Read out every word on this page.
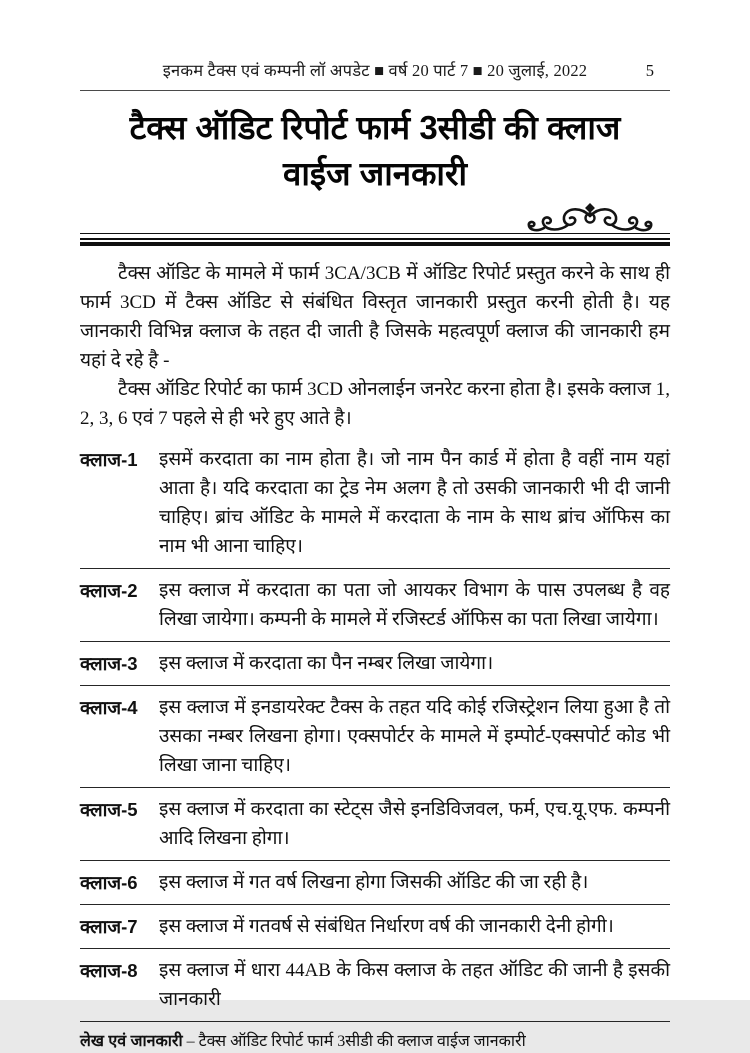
इनकम टैक्स एवं कम्पनी लॉ अपडेट ■ वर्ष 20 पार्ट 7 ■ 20 जुलाई, 2022	5
टैक्स ऑडिट रिपोर्ट फार्म 3सीडी की क्लाज
वाईज जानकारी

टैक्स ऑडिट के मामले में फार्म 3CA/3CB में ऑडिट रिपोर्ट प्रस्तुत करने के साथ ही फार्म 3CD में टैक्स ऑडिट से संबंधित विस्तृत जानकारी प्रस्तुत करनी होती है। यह जानकारी विभिन्न क्लाज के तहत दी जाती है जिसके महत्वपूर्ण क्लाज की जानकारी हम यहां दे रहे है -

टैक्स ऑडिट रिपोर्ट का फार्म 3CD ओनलाईन जनरेट करना होता है। इसके क्लाज 1, 2, 3, 6 एवं 7 पहले से ही भरे हुए आते है।

क्लाज-1	इसमें करदाता का नाम होता है। जो नाम पैन कार्ड में होता है वहीं नाम यहां आता है। यदि करदाता का ट्रेड नेम अलग है तो उसकी जानकारी भी दी जानी चाहिए। ब्रांच ऑडिट के मामले में करदाता के नाम के साथ ब्रांच ऑफिस का नाम भी आना चाहिए।
क्लाज-2	इस क्लाज में करदाता का पता जो आयकर विभाग के पास उपलब्ध है वह लिखा जायेगा। कम्पनी के मामले में रजिस्टर्ड ऑफिस का पता लिखा जायेगा।
क्लाज-3	इस क्लाज में करदाता का पैन नम्बर लिखा जायेगा।
क्लाज-4	इस क्लाज में इनडायरेक्ट टैक्स के तहत यदि कोई रजिस्ट्रेशन लिया हुआ है तो उसका नम्बर लिखना होगा। एक्सपोर्टर के मामले में इम्पोर्ट-एक्सपोर्ट कोड भी लिखा जाना चाहिए।
क्लाज-5	इस क्लाज में करदाता का स्टेट्स जैसे इनडिविजवल, फर्म, एच.यू.एफ. कम्पनी आदि लिखना होगा।
क्लाज-6	इस क्लाज में गत वर्ष लिखना होगा जिसकी ऑडिट की जा रही है।
क्लाज-7	इस क्लाज में गतवर्ष से संबंधित निर्धारण वर्ष की जानकारी देनी होगी।
क्लाज-8	इस क्लाज में धारा 44AB के किस क्लाज के तहत ऑडिट की जानी है इसकी जानकारी
लेख एवं जानकारी – टैक्स ऑडिट रिपोर्ट फार्म 3सीडी की क्लाज वाईज जानकारी
